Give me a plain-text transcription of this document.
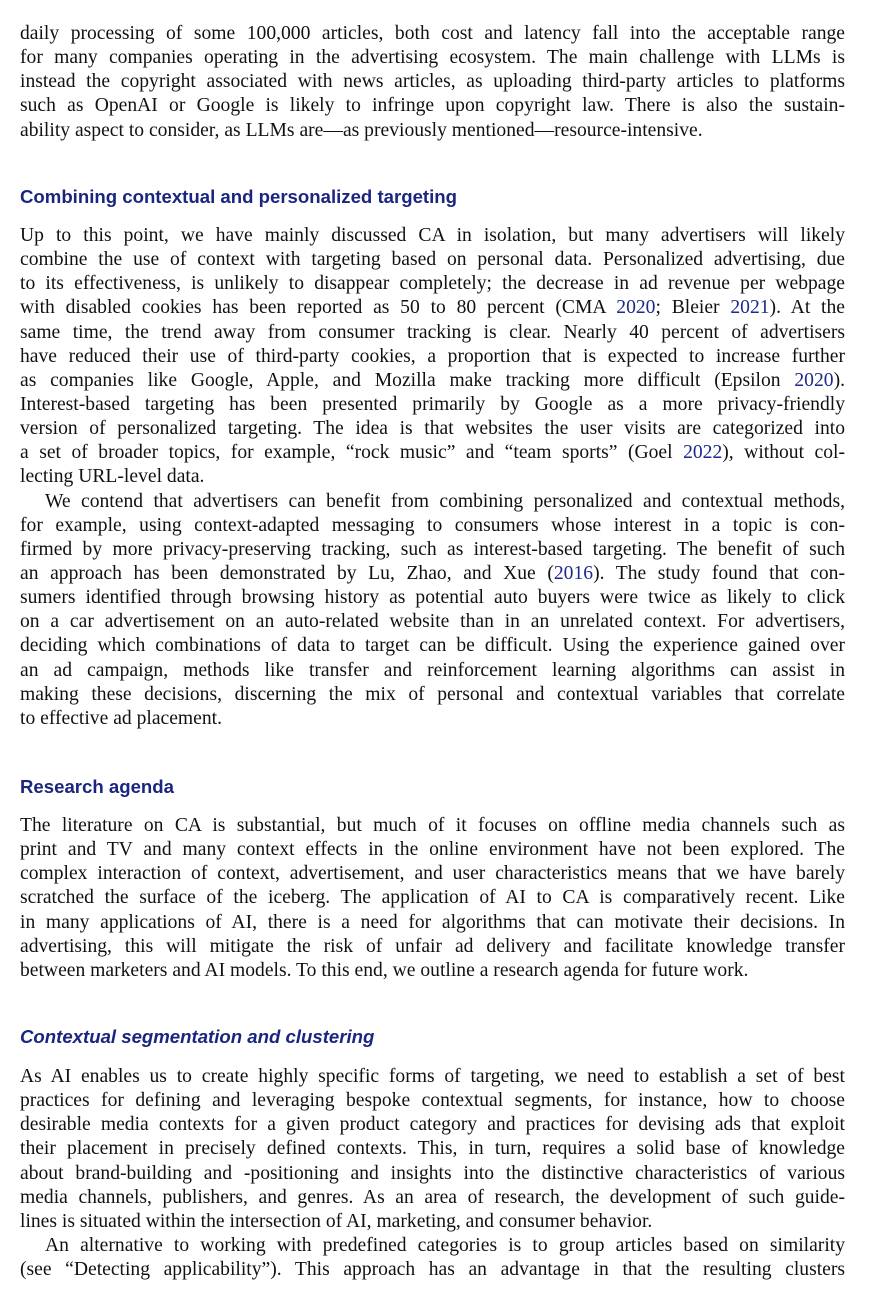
daily processing of some 100,000 articles, both cost and latency fall into the acceptable range
for many companies operating in the advertising ecosystem. The main challenge with LLMs is
instead the copyright associated with news articles, as uploading third-party articles to platforms
such as OpenAI or Google is likely to infringe upon copyright law. There is also the sustain-
ability aspect to consider, as LLMs are—as previously mentioned—resource-intensive.
Combining contextual and personalized targeting
Up to this point, we have mainly discussed CA in isolation, but many advertisers will likely
combine the use of context with targeting based on personal data. Personalized advertising, due
to its effectiveness, is unlikely to disappear completely; the decrease in ad revenue per webpage
with disabled cookies has been reported as 50 to 80 percent (CMA 2020; Bleier 2021). At the
same time, the trend away from consumer tracking is clear. Nearly 40 percent of advertisers
have reduced their use of third-party cookies, a proportion that is expected to increase further
as companies like Google, Apple, and Mozilla make tracking more difficult (Epsilon 2020).
Interest-based targeting has been presented primarily by Google as a more privacy-friendly
version of personalized targeting. The idea is that websites the user visits are categorized into
a set of broader topics, for example, “rock music” and “team sports” (Goel 2022), without col-
lecting URL-level data.
We contend that advertisers can benefit from combining personalized and contextual methods,
for example, using context-adapted messaging to consumers whose interest in a topic is con-
firmed by more privacy-preserving tracking, such as interest-based targeting. The benefit of such
an approach has been demonstrated by Lu, Zhao, and Xue (2016). The study found that con-
sumers identified through browsing history as potential auto buyers were twice as likely to click
on a car advertisement on an auto-related website than in an unrelated context. For advertisers,
deciding which combinations of data to target can be difficult. Using the experience gained over
an ad campaign, methods like transfer and reinforcement learning algorithms can assist in
making these decisions, discerning the mix of personal and contextual variables that correlate
to effective ad placement.
Research agenda
The literature on CA is substantial, but much of it focuses on offline media channels such as
print and TV and many context effects in the online environment have not been explored. The
complex interaction of context, advertisement, and user characteristics means that we have barely
scratched the surface of the iceberg. The application of AI to CA is comparatively recent. Like
in many applications of AI, there is a need for algorithms that can motivate their decisions. In
advertising, this will mitigate the risk of unfair ad delivery and facilitate knowledge transfer
between marketers and AI models. To this end, we outline a research agenda for future work.
Contextual segmentation and clustering
As AI enables us to create highly specific forms of targeting, we need to establish a set of best
practices for defining and leveraging bespoke contextual segments, for instance, how to choose
desirable media contexts for a given product category and practices for devising ads that exploit
their placement in precisely defined contexts. This, in turn, requires a solid base of knowledge
about brand-building and -positioning and insights into the distinctive characteristics of various
media channels, publishers, and genres. As an area of research, the development of such guide-
lines is situated within the intersection of AI, marketing, and consumer behavior.
An alternative to working with predefined categories is to group articles based on similarity
(see “Detecting applicability”). This approach has an advantage in that the resulting clusters
